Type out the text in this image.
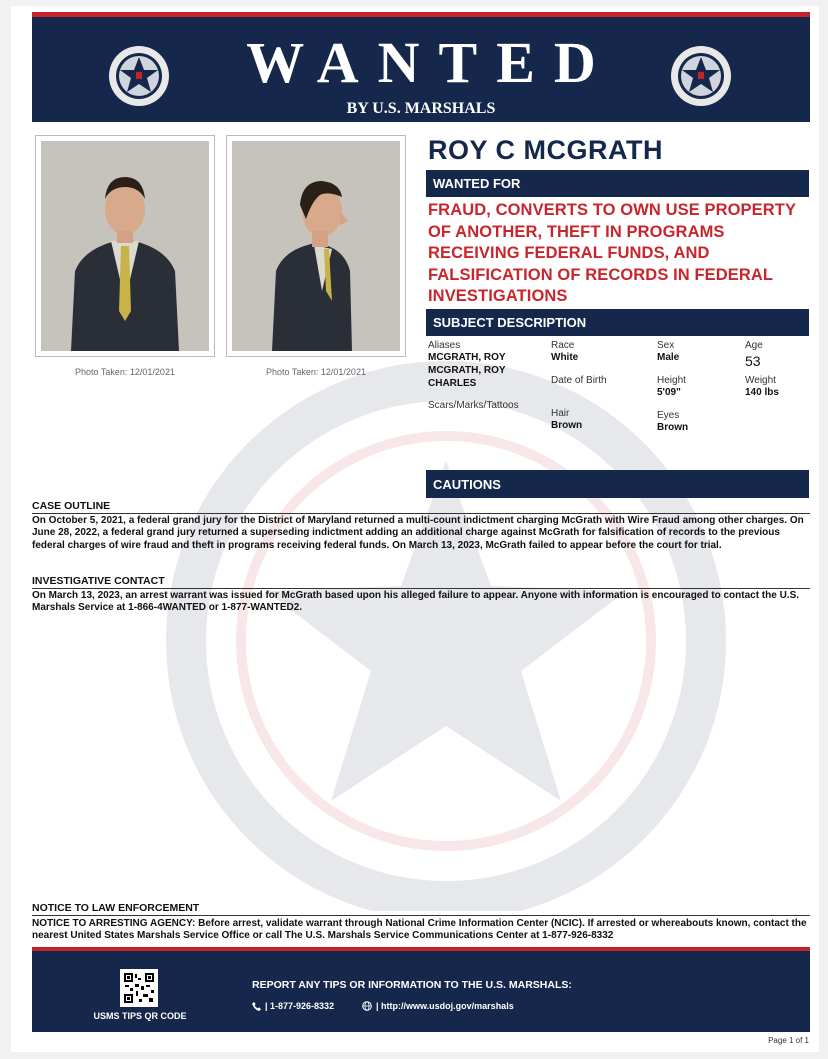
WANTED
BY U.S. MARSHALS
Photo Taken: 12/01/2021	Photo Taken: 12/01/2021
ROY C MCGRATH
WANTED FOR
FRAUD, CONVERTS TO OWN USE PROPERTY OF ANOTHER, THEFT IN PROGRAMS RECEIVING FEDERAL FUNDS, AND FALSIFICATION OF RECORDS IN FEDERAL INVESTIGATIONS
SUBJECT DESCRIPTION
Aliases
MCGRATH, ROY
MCGRATH, ROY CHARLES
Scars/Marks/Tattoos
Race
White
Date of Birth
Hair
Brown
Sex
Male
Height
5'09"
Eyes
Brown
Age
53
Weight
140 lbs
CAUTIONS
CASE OUTLINE
On October 5, 2021, a federal grand jury for the District of Maryland returned a multi-count indictment charging McGrath with Wire Fraud among other charges. On June 28, 2022, a federal grand jury returned a superseding indictment adding an additional charge against McGrath for falsification of records to the previous federal charges of wire fraud and theft in programs receiving federal funds. On March 13, 2023, McGrath failed to appear before the court for trial.
INVESTIGATIVE CONTACT
On March 13, 2023, an arrest warrant was issued for McGrath based upon his alleged failure to appear. Anyone with information is encouraged to contact the U.S. Marshals Service at 1-866-4WANTED or 1-877-WANTED2.
NOTICE TO LAW ENFORCEMENT
NOTICE TO ARRESTING AGENCY: Before arrest, validate warrant through National Crime Information Center (NCIC). If arrested or whereabouts known, contact the nearest United States Marshals Service Office or call The U.S. Marshals Service Communications Center at 1-877-926-8332
USMS TIPS QR CODE
REPORT ANY TIPS OR INFORMATION TO THE U.S. MARSHALS:
| 1-877-926-8332	| http://www.usdoj.gov/marshals
Page 1 of 1
